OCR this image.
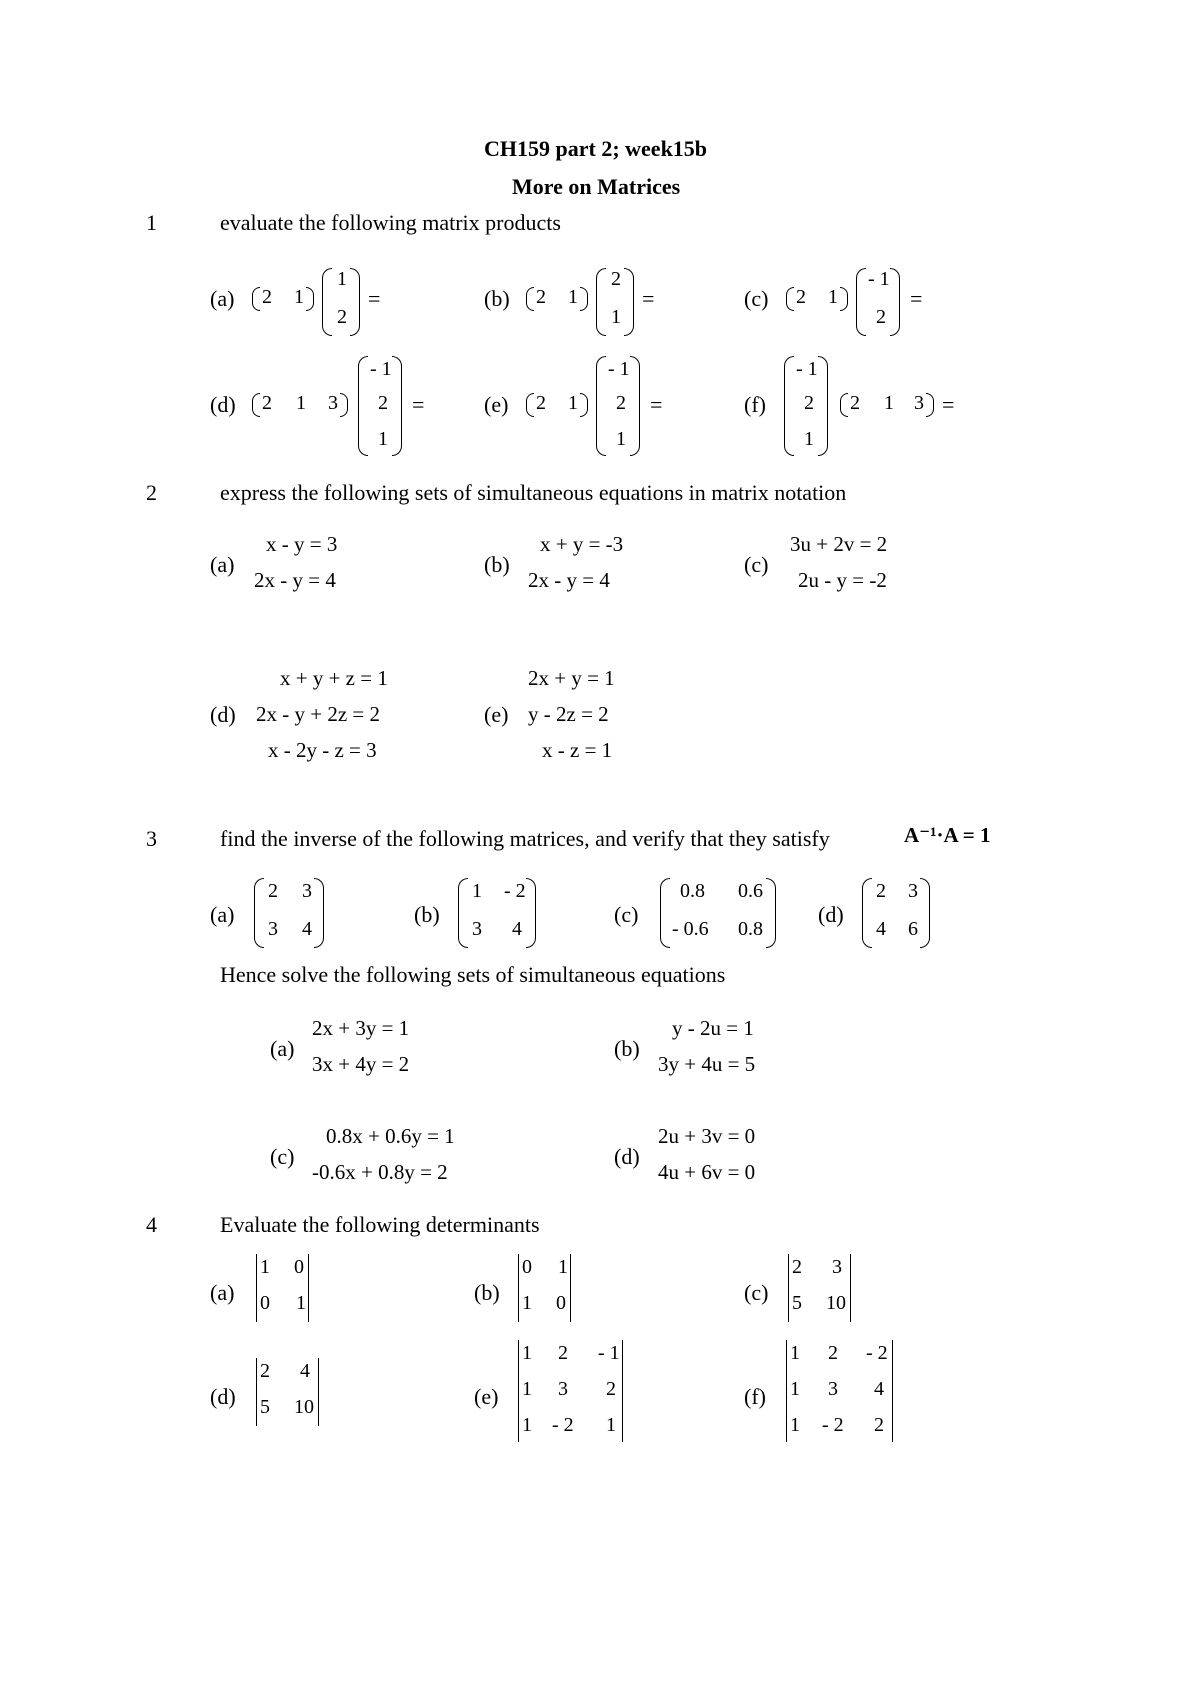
CH159 part 2; week15b
More on Matrices
1	evaluate the following matrix products
(a) 2 1
1
2
=	(b) 2 1
2
1
=	(c) 2 1
- 1
2
=
(d) 2 1 3
- 1
2
1
=	(e) 2 1
- 1
2
1
=	(f)
- 1
2
1
2 1 3 =
2	express the following sets of simultaneous equations in matrix notation
(a)
x - y = 3
2x - y = 4
(b)
x + y = -3
2x - y = 4
(c)
3u + 2v = 2
2u - y = -2
(d)
x + y + z = 1
2x - y + 2z = 2
x - 2y - z = 3
(e)
2x + y = 1
y - 2z = 2
x - z = 1
3	find the inverse of the following matrices, and verify that they satisfy	A⁻¹·A = 1
(a)
2 3
3 4
(b)
1 - 2
3 4
(c)
0.8 0.6
- 0.6 0.8
(d)
2 3
4 6
Hence solve the following sets of simultaneous equations
(a)
2x + 3y = 1
3x + 4y = 2
(b)
y - 2u = 1
3y + 4u = 5
(c)
0.8x + 0.6y = 1
-0.6x + 0.8y = 2
(d)
2u + 3v = 0
4u + 6v = 0
4	Evaluate the following determinants
(a)
1 0
0 1	(b)
0 1
1 0	(c)
2 3
5 10
(d)
2 4
5 10	(e)
1 2 - 1
1 3 2
1 - 2 1
(f)
1 2 - 2
1 3 4
1 - 2 2
